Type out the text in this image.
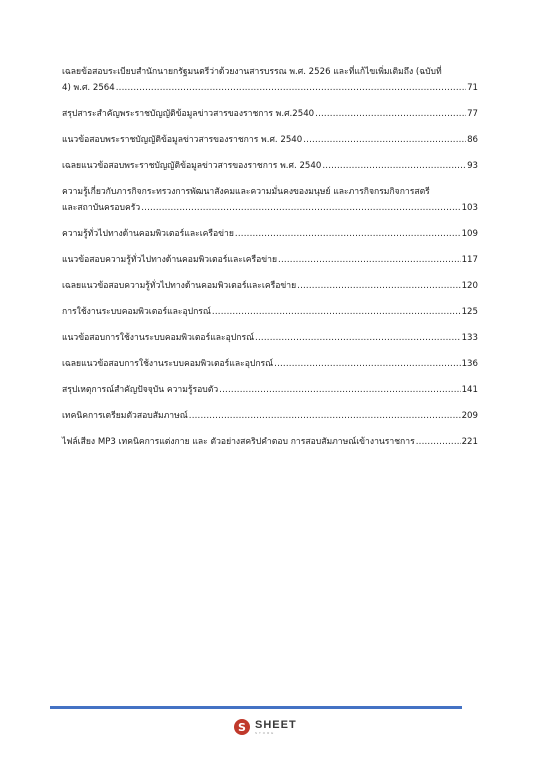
เฉลยข้อสอบระเบียบสำนักนายกรัฐมนตรีว่าด้วยงานสารบรรณ พ.ศ. 2526 และที่แก้ไขเพิ่มเติมถึง (ฉบับที่
4) พ.ศ. 2564 .....	71
สรุปสาระสำคัญพระราชบัญญัติข้อมูลข่าวสารของราชการ พ.ศ.2540 .....	77
แนวข้อสอบพระราชบัญญัติข้อมูลข่าวสารของราชการ พ.ศ. 2540 .....	86
เฉลยแนวข้อสอบพระราชบัญญัติข้อมูลข่าวสารของราชการ พ.ศ. 2540 .....	93
ความรู้เกี่ยวกับภารกิจกระทรวงการพัฒนาสังคมและความมั่นคงของมนุษย์ และภารกิจกรมกิจการสตรี
และสถาบันครอบครัว .....	103
ความรู้ทั่วไปทางด้านคอมพิวเตอร์และเครือข่าย .....	109
แนวข้อสอบความรู้ทั่วไปทางด้านคอมพิวเตอร์และเครือข่าย .....	117
เฉลยแนวข้อสอบความรู้ทั่วไปทางด้านคอมพิวเตอร์และเครือข่าย .....	120
การใช้งานระบบคอมพิวเตอร์และอุปกรณ์ .....	125
แนวข้อสอบการใช้งานระบบคอมพิวเตอร์และอุปกรณ์ .....	133
เฉลยแนวข้อสอบการใช้งานระบบคอมพิวเตอร์และอุปกรณ์ .....	136
สรุปเหตุการณ์สำคัญปัจจุบัน ความรู้รอบตัว .....	141
เทคนิคการเตรียมตัวสอบสัมภาษณ์ .....	209
ไฟล์เสียง MP3 เทคนิคการแต่งกาย และ ตัวอย่างสคริปคำตอบ การสอบสัมภาษณ์เข้างานราชการ .....	221
S SHEET
STORE
